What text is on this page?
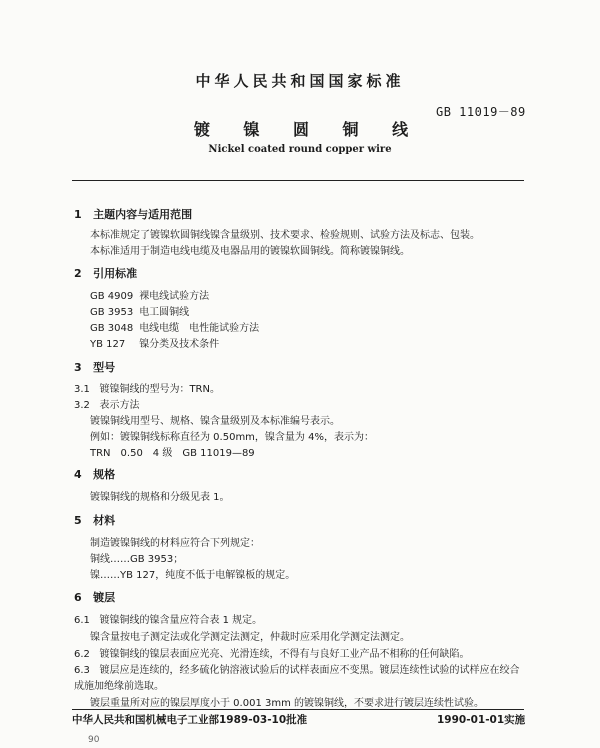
中华人民共和国国家标准
GB 11019－89
镀 镍 圆 铜 线
Nickel coated round copper wire
1 主题内容与适用范围
本标准规定了镀镍软圆铜线镍含量级别、技术要求、检验规则、试验方法及标志、包装。
本标准适用于制造电线电缆及电器品用的镀镍软圆铜线。简称镀镍铜线。
2 引用标准
GB 4909 裸电线试验方法
GB 3953 电工圆铜线
GB 3048 电线电缆　电性能试验方法
YB 127 镍分类及技术条件
3 型号
3.1 镀镍铜线的型号为：TRN。
3.2 表示方法
镀镍铜线用型号、规格、镍含量级别及本标准编号表示。
例如：镀镍铜线标称直径为 0.50mm，镍含量为 4%，表示为：
TRN　0.50　4 级　GB 11019—89
4 规格
镀镍铜线的规格和分级见表 1。
5 材料
制造镀镍铜线的材料应符合下列规定：
铜线……GB 3953；
镍……YB 127，纯度不低于电解镍板的规定。
6 镀层
6.1 镀镍铜线的镍含量应符合表 1 规定。
镍含量按电子测定法或化学测定法测定，仲裁时应采用化学测定法测定。
6.2 镀镍铜线的镍层表面应光亮、光滑连续，不得有与良好工业产品不相称的任何缺陷。
6.3 镀层应是连续的，经多硫化钠溶液试验后的试样表面应不变黑。镀层连续性试验的试样应在绞合
成施加绝缘前选取。
镀层重量所对应的镍层厚度小于 0.001 3mm 的镀镍铜线，不要求进行镀层连续性试验。
中华人民共和国机械电子工业部1989-03-10批准	1990-01-01实施
90
